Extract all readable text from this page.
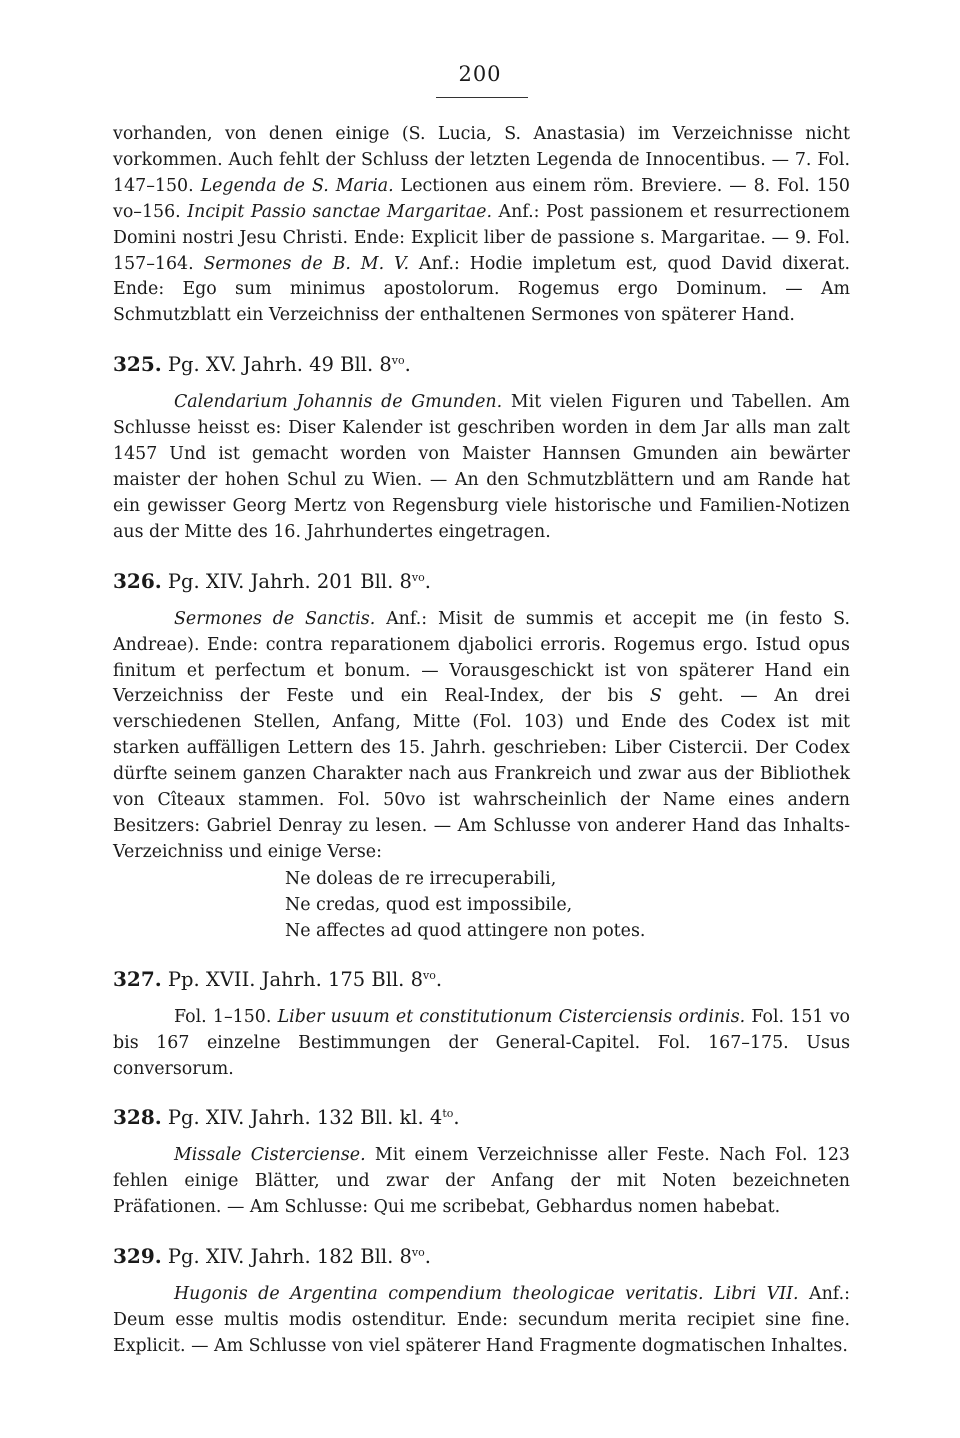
200

vorhanden, von denen einige (S. Lucia, S. Anastasia) im Verzeichnisse nicht vorkommen. Auch fehlt der Schluss der letzten Legenda de Innocentibus. — 7. Fol. 147–150. Legenda de S. Maria. Lectionen aus einem röm. Breviere. — 8. Fol. 150 vo–156. Incipit Passio sanctae Margaritae. Anf.: Post passionem et resurrectionem Domini nostri Jesu Christi. Ende: Explicit liber de passione s. Margaritae. — 9. Fol. 157–164. Sermones de B. M. V. Anf.: Hodie impletum est, quod David dixerat. Ende: Ego sum minimus apostolorum. Rogemus ergo Dominum. — Am Schmutzblatt ein Verzeichniss der enthaltenen Sermones von späterer Hand.

325. Pg. XV. Jahrh. 49 Bll. $8^{vo}$.

Calendarium Johannis de Gmunden. Mit vielen Figuren und Tabellen. Am Schlusse heisst es: Diser Kalender ist geschriben worden in dem Jar alls man zalt 1457 Und ist gemacht worden von Maister Hannsen Gmunden ain bewärter maister der hohen Schul zu Wien. — An den Schmutzblättern und am Rande hat ein gewisser Georg Mertz von Regensburg viele historische und Familien-Notizen aus der Mitte des 16. Jahrhundertes eingetragen.

326. Pg. XIV. Jahrh. 201 Bll. $8^{vo}$.

Sermones de Sanctis. Anf.: Misit de summis et accepit me (in festo S. Andreae). Ende: contra reparationem djabolici erroris. Rogemus ergo. Istud opus finitum et perfectum et bonum. — Vorausgeschickt ist von späterer Hand ein Verzeichniss der Feste und ein Real-Index, der bis S geht. — An drei verschiedenen Stellen, Anfang, Mitte (Fol. 103) und Ende des Codex ist mit starken auffälligen Lettern des 15. Jahrh. geschrieben: Liber Cistercii. Der Codex dürfte seinem ganzen Charakter nach aus Frankreich und zwar aus der Bibliothek von Cîteaux stammen. Fol. 50vo ist wahrscheinlich der Name eines andern Besitzers: Gabriel Denray zu lesen. — Am Schlusse von anderer Hand das Inhalts-Verzeichniss und einige Verse:

Ne doleas de re irrecuperabili,
Ne credas, quod est impossibile,
Ne affectes ad quod attingere non potes.
327. Pp. XVII. Jahrh. 175 Bll. $8^{vo}$.

Fol. 1–150. Liber usuum et constitutionum Cisterciensis ordinis. Fol. 151 vo bis 167 einzelne Bestimmungen der General-Capitel. Fol. 167–175. Usus conversorum.

328. Pg. XIV. Jahrh. 132 Bll. kl. $4^{to}$.

Missale Cisterciense. Mit einem Verzeichnisse aller Feste. Nach Fol. 123 fehlen einige Blätter, und zwar der Anfang der mit Noten bezeichneten Präfationen. — Am Schlusse: Qui me scribebat, Gebhardus nomen habebat.

329. Pg. XIV. Jahrh. 182 Bll. $8^{vo}$.

Hugonis de Argentina compendium theologicae veritatis. Libri VII. Anf.: Deum esse multis modis ostenditur. Ende: secundum merita recipiet sine fine. Explicit. — Am Schlusse von viel späterer Hand Fragmente dogmatischen Inhaltes.
